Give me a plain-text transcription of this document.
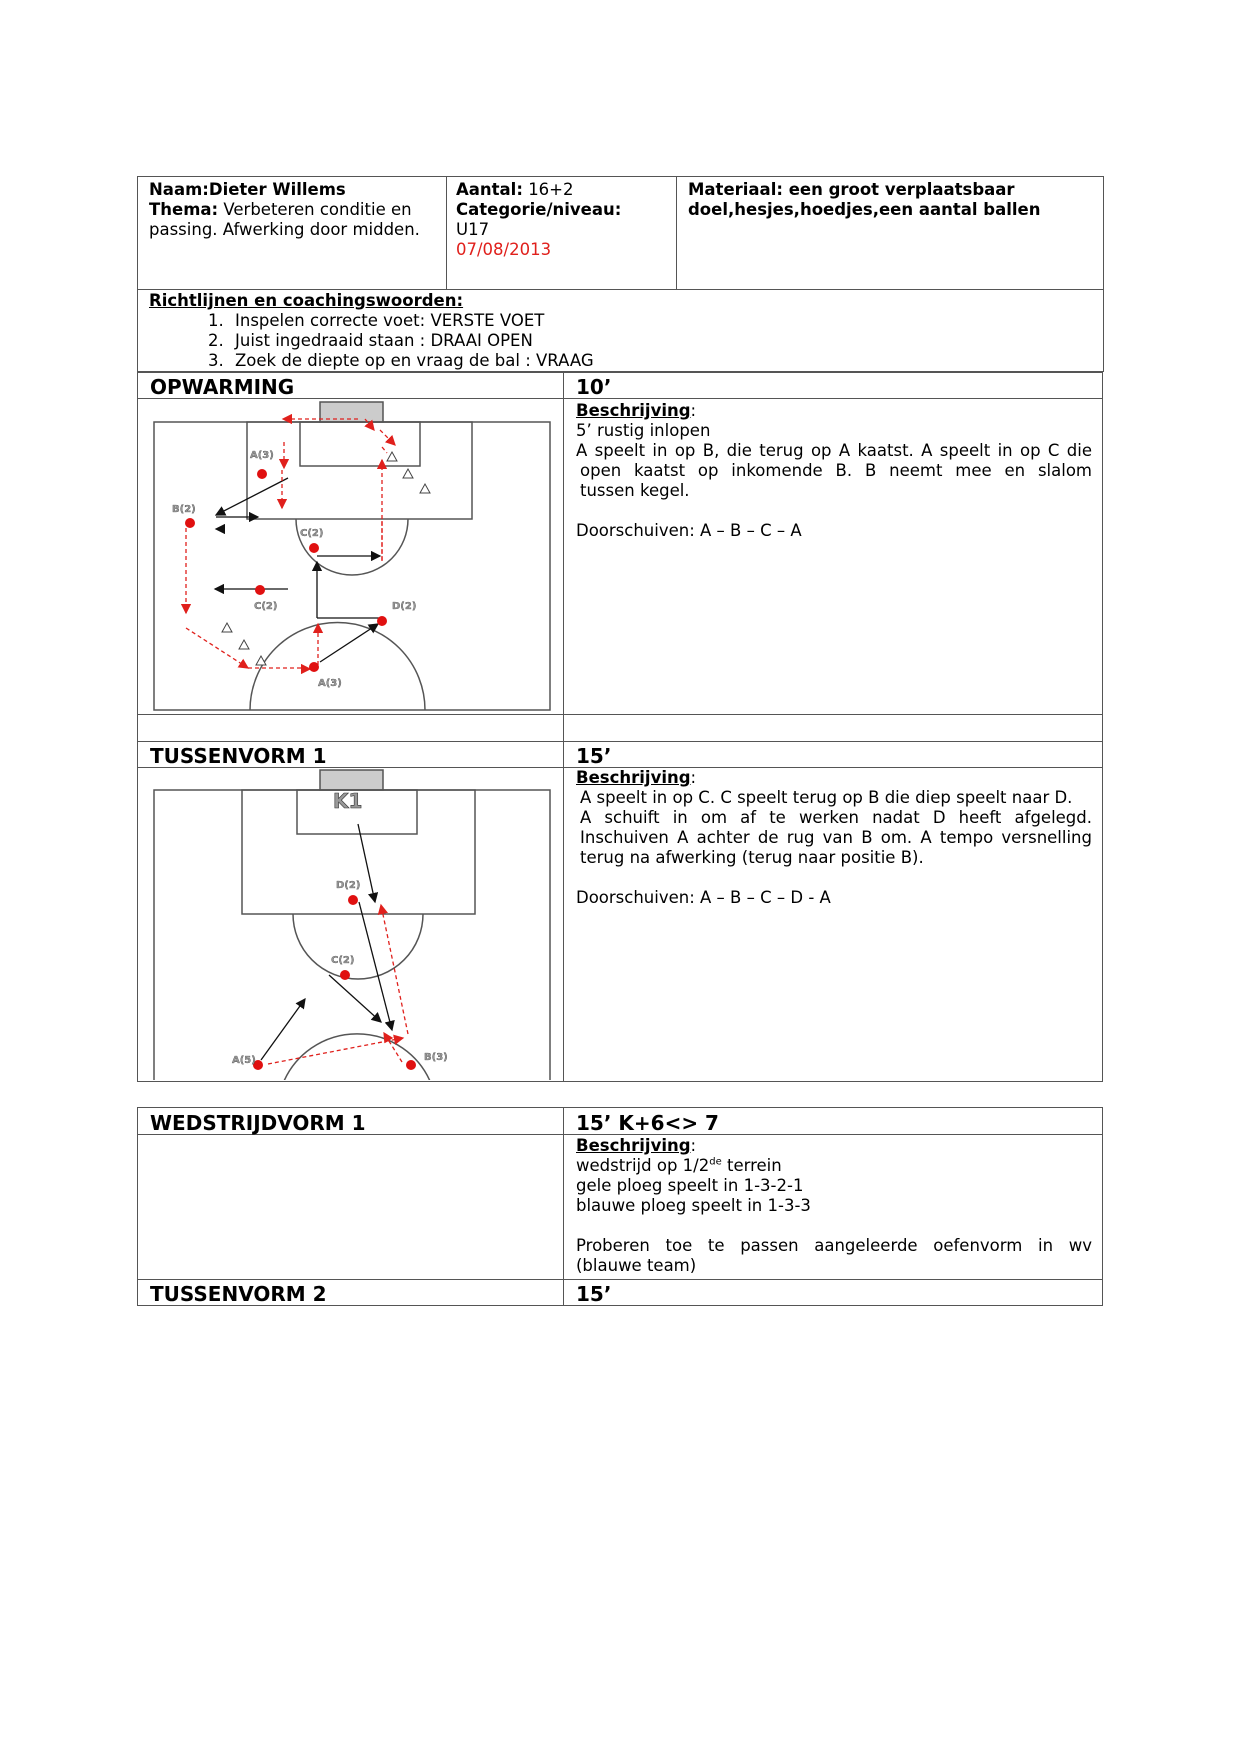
Naam:Dieter Willems
Thema: Verbeteren conditie en passing. Afwerking door midden.
Aantal: 16+2
Categorie/niveau:
U17
07/08/2013
Materiaal: een groot verplaatsbaar doel,hesjes,hoedjes,een aantal ballen
Richtlijnen en coachingswoorden:
1. Inspelen correcte voet: VERSTE VOET
2. Juist ingedraaid staan : DRAAI OPEN
3. Zoek de diepte op en vraag de bal : VRAAG
OPWARMING	10’
Beschrijving:
5’ rustig inlopen
A speelt in op B, die terug op A kaatst. A speelt in op C die
open kaatst op inkomende B. B neemt mee en slalom
tussen kegel.
Doorschuiven: A – B – C – A
A(3)
B(2)
C(2)
C(2)	D(2)
A(3)
TUSSENVORM 1	15’
Beschrijving:
A speelt in op C. C speelt terug op B die diep speelt naar D.
A schuift in om af te werken nadat D heeft afgelegd.
Inschuiven A achter de rug van B om. A tempo versnelling
terug na afwerking (terug naar positie B).
Doorschuiven: A – B – C – D - A
K1
D(2)
C(2)
A(5)	B(3)
WEDSTRIJDVORM 1	15’ K+6<> 7
Beschrijving:
wedstrijd op 1/2de terrein
gele ploeg speelt in 1-3-2-1
blauwe ploeg speelt in 1-3-3
Proberen toe te passen aangeleerde oefenvorm in wv
(blauwe team)
TUSSENVORM 2	15’
